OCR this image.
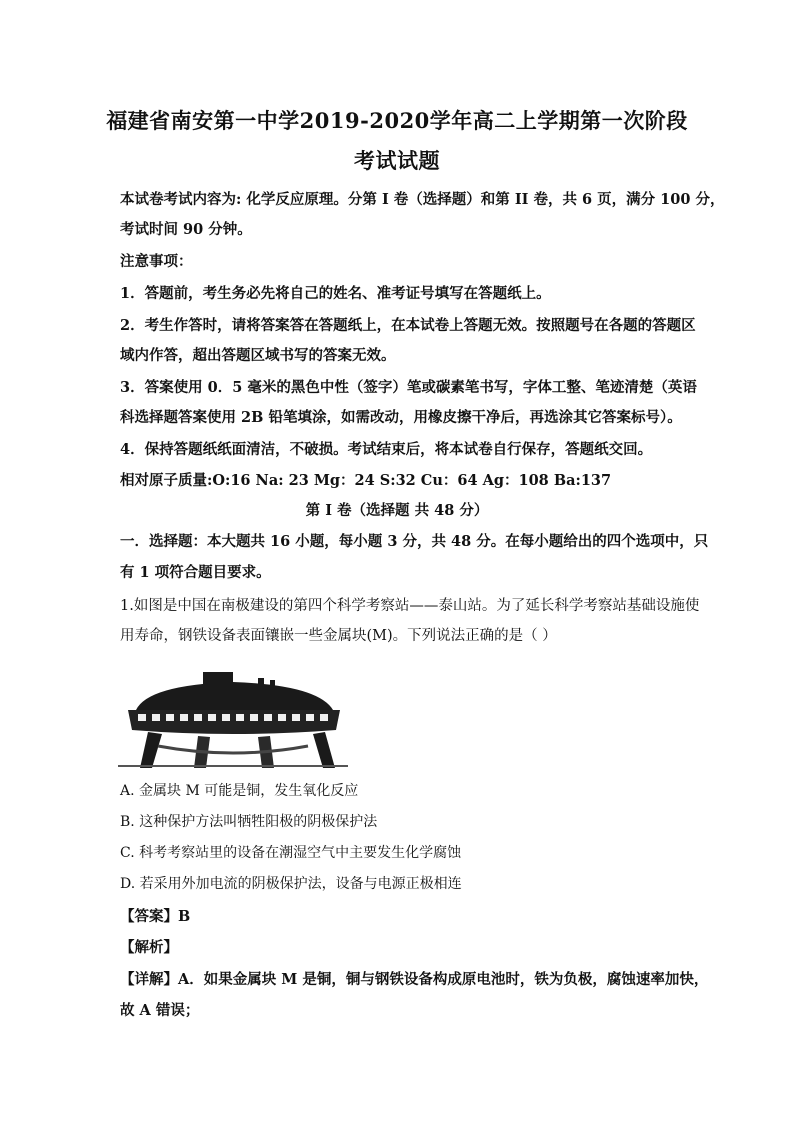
福建省南安第一中学2019-2020学年高二上学期第一次阶段
考试试题
本试卷考试内容为: 化学反应原理。分第 I 卷（选择题）和第 II 卷，共 6 页，满分 100 分，
考试时间 90 分钟。
注意事项：
1．答题前，考生务必先将自己的姓名、准考证号填写在答题纸上。
2．考生作答时，请将答案答在答题纸上，在本试卷上答题无效。按照题号在各题的答题区
域内作答，超出答题区域书写的答案无效。
3．答案使用 0．5 毫米的黑色中性（签字）笔或碳素笔书写，字体工整、笔迹清楚（英语
科选择题答案使用 2B 铅笔填涂，如需改动，用橡皮擦干净后，再选涂其它答案标号）。
4．保持答题纸纸面清洁，不破损。考试结束后，将本试卷自行保存，答题纸交回。
相对原子质量:O:16 Na: 23 Mg：24 S:32 Cu：64 Ag：108 Ba:137
第 I 卷（选择题 共 48 分）
一．选择题：本大题共 16 小题，每小题 3 分，共 48 分。在每小题给出的四个选项中，只
有 1 项符合题目要求。
1.如图是中国在南极建设的第四个科学考察站——泰山站。为了延长科学考察站基础设施使
用寿命，钢铁设备表面镶嵌一些金属块(M)。下列说法正确的是（ ）
A. 金属块 M 可能是铜，发生氧化反应
B. 这种保护方法叫牺牲阳极的阴极保护法
C. 科考考察站里的设备在潮湿空气中主要发生化学腐蚀
D. 若采用外加电流的阴极保护法，设备与电源正极相连
【答案】B
【解析】
【详解】A．如果金属块 M 是铜，铜与钢铁设备构成原电池时，铁为负极，腐蚀速率加快，
故 A 错误；
